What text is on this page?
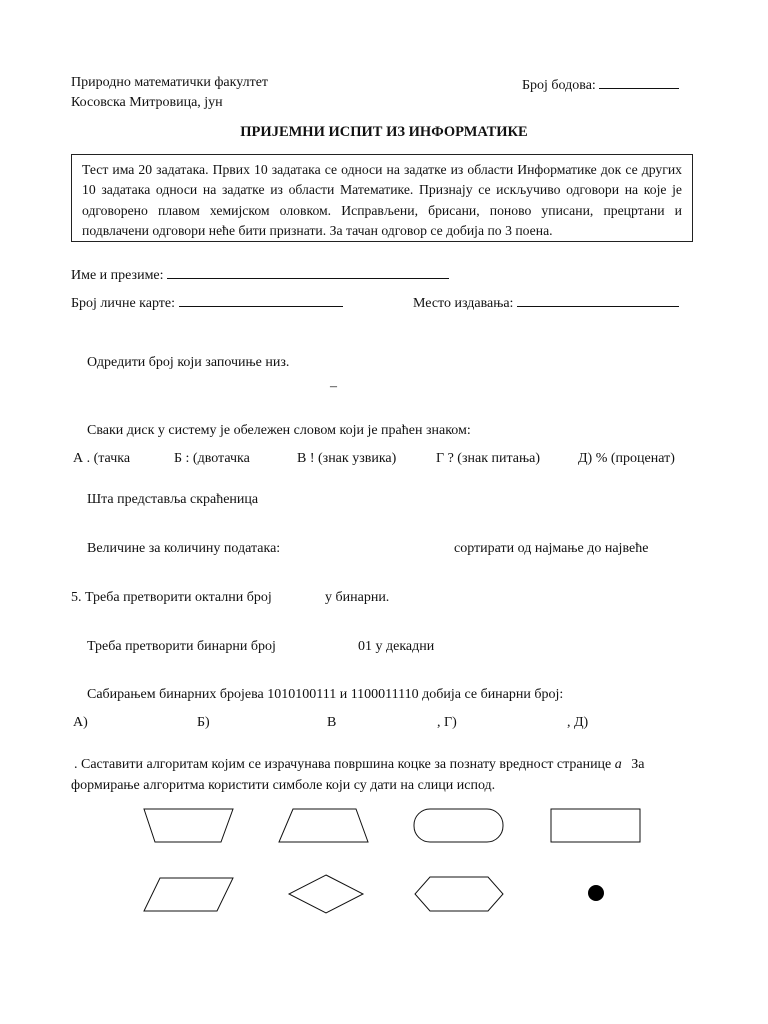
Природно математички факултет
Косовска Митровица, јун
Број бодова:
ПРИЈЕМНИ ИСПИТ ИЗ ИНФОРМАТИКЕ
Тест има 20 задатака. Првих 10 задатака се односи на задатке из области Информатике док се других 10 задатака односи на задатке из области Математике. Признају се искључиво одговори на које је одговорено плавом хемијском оловком. Исправљени, брисани, поново уписани, прецртани и подвлачени одговори неће бити признати. За тачан одговор се добија по 3 поена.
Име и презиме:
Број личне карте:	Место издавања:
Одредити број који започиње низ.
–
Сваки диск у систему је обележен словом који је праћен знаком:
А . (тачка	Б : (двотачка	В ! (знак узвика)	Г ? (знак питања)	Д) % (проценат)
Шта представља скраћеница
Величине за количину података:	сортирати од најмање до највеће
5. Треба претворити октални број	у бинарни.
Треба претворити бинарни број	01 у декадни
Сабирањем бинарних бројева 1010100111 и 1100011110 добија се бинарни број:
А)	Б)	В	, Г)	, Д)
. Саставити алгоритам којим се израчунава површина коцке за познату вредност странице a За
формирање алгоритма користити симболе који су дати на слици испод.
